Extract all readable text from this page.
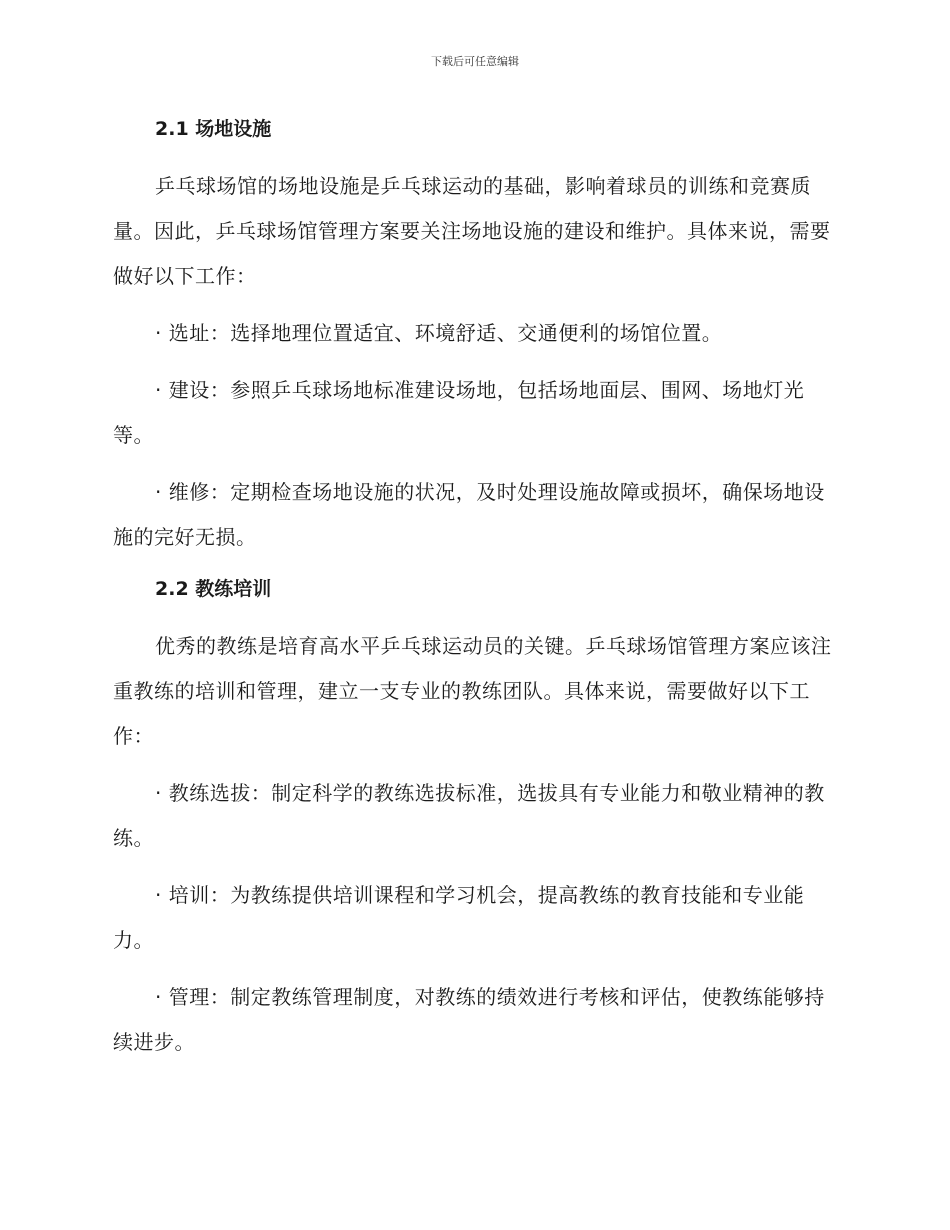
下载后可任意编辑
2.1 场地设施

乒乓球场馆的场地设施是乒乓球运动的基础，影响着球员的训练和竞赛质量。因此，乒乓球场馆管理方案要关注场地设施的建设和维护。具体来说，需要做好以下工作：

· 选址：选择地理位置适宜、环境舒适、交通便利的场馆位置。

· 建设：参照乒乓球场地标准建设场地，包括场地面层、围网、场地灯光等。

· 维修：定期检查场地设施的状况，及时处理设施故障或损坏，确保场地设施的完好无损。

2.2 教练培训

优秀的教练是培育高水平乒乓球运动员的关键。乒乓球场馆管理方案应该注重教练的培训和管理，建立一支专业的教练团队。具体来说，需要做好以下工作：

· 教练选拔：制定科学的教练选拔标准，选拔具有专业能力和敬业精神的教练。

· 培训：为教练提供培训课程和学习机会，提高教练的教育技能和专业能力。

· 管理：制定教练管理制度，对教练的绩效进行考核和评估，使教练能够持续进步。
